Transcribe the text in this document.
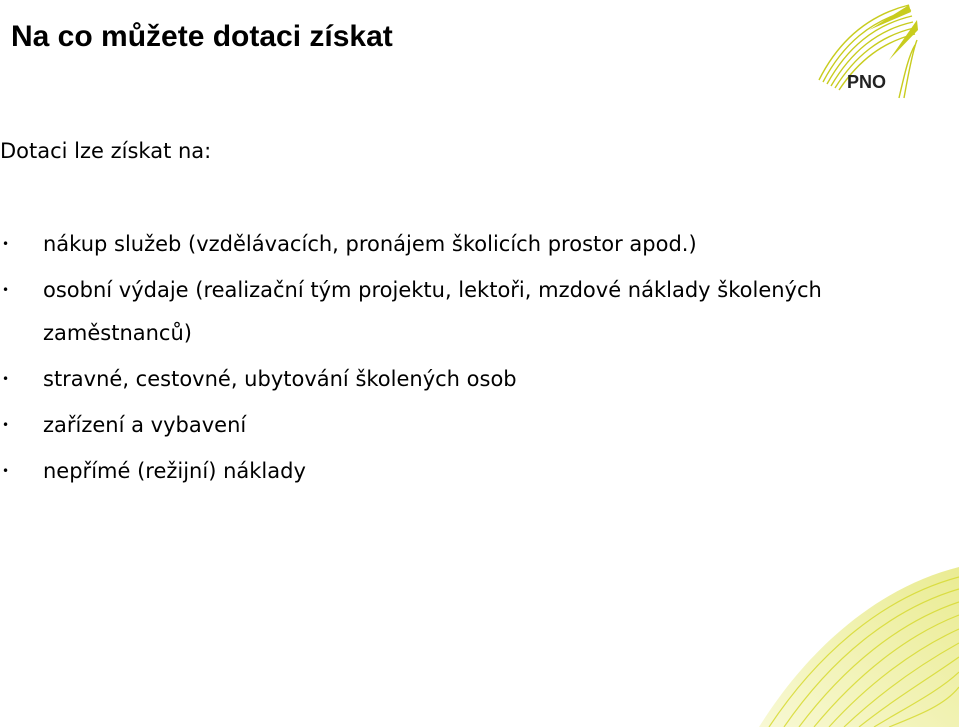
PNO
Na co můžete dotaci získat
Dotaci lze získat na:
• nákup služeb (vzdělávacích, pronájem školicích prostor apod.)
• osobní výdaje (realizační tým projektu, lektoři, mzdové náklady školených zaměstnanců)
• stravné, cestovné, ubytování školených osob
• zařízení a vybavení
• nepřímé (režijní) náklady
